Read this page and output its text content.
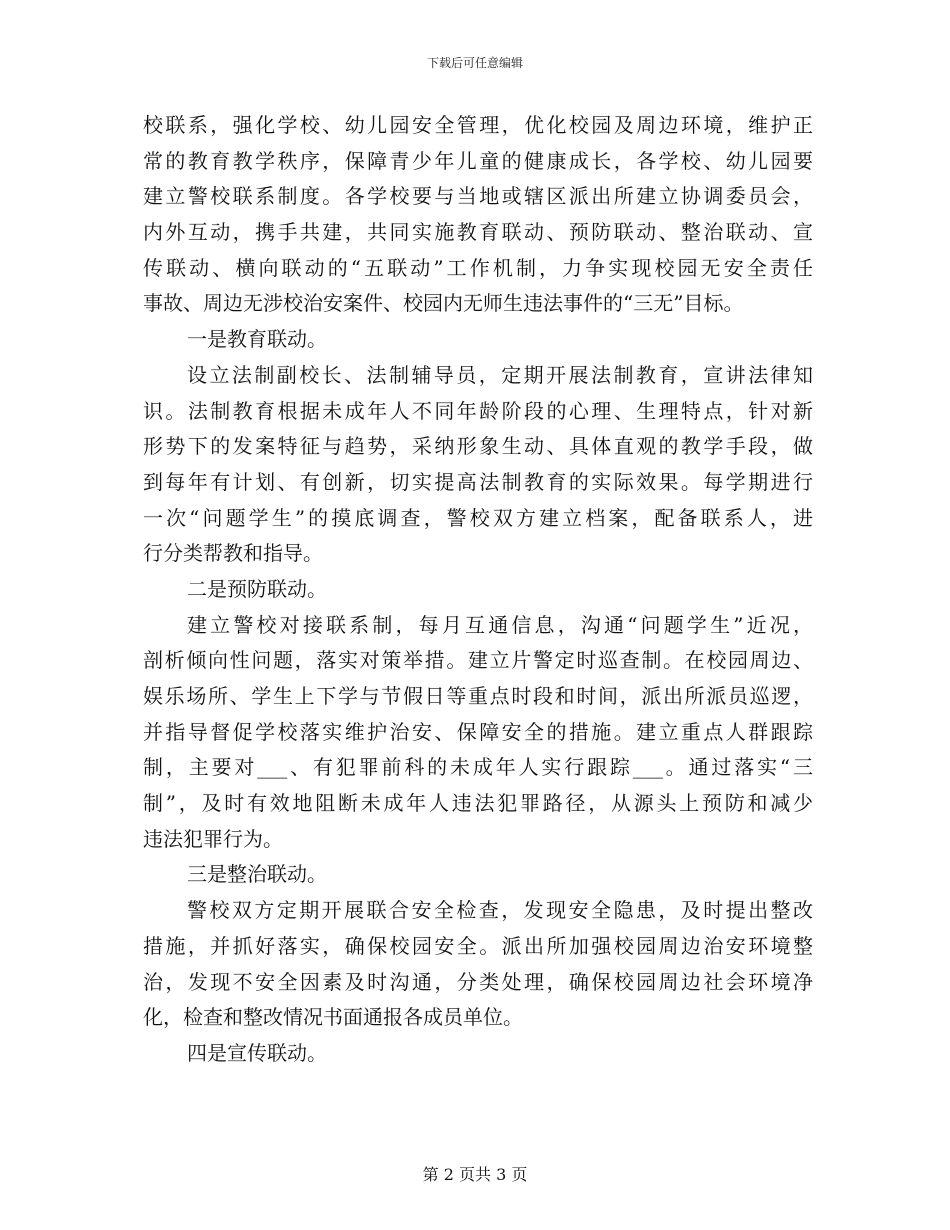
下载后可任意编辑
校联系，强化学校、幼儿园安全管理，优化校园及周边环境，维护正
常的教育教学秩序，保障青少年儿童的健康成长，各学校、幼儿园要
建立警校联系制度。各学校要与当地或辖区派出所建立协调委员会，
内外互动，携手共建，共同实施教育联动、预防联动、整治联动、宣
传联动、横向联动的“五联动”工作机制，力争实现校园无安全责任
事故、周边无涉校治安案件、校园内无师生违法事件的“三无”目标。
一是教育联动。
设立法制副校长、法制辅导员，定期开展法制教育，宣讲法律知
识。法制教育根据未成年人不同年龄阶段的心理、生理特点，针对新
形势下的发案特征与趋势，采纳形象生动、具体直观的教学手段，做
到每年有计划、有创新，切实提高法制教育的实际效果。每学期进行
一次“问题学生”的摸底调查，警校双方建立档案，配备联系人，进
行分类帮教和指导。
二是预防联动。
建立警校对接联系制，每月互通信息，沟通“问题学生”近况，
剖析倾向性问题，落实对策举措。建立片警定时巡查制。在校园周边、
娱乐场所、学生上下学与节假日等重点时段和时间，派出所派员巡逻，
并指导督促学校落实维护治安、保障安全的措施。建立重点人群跟踪
制，主要对___、有犯罪前科的未成年人实行跟踪___。通过落实“三
制”，及时有效地阻断未成年人违法犯罪路径，从源头上预防和减少
违法犯罪行为。
三是整治联动。
警校双方定期开展联合安全检查，发现安全隐患，及时提出整改
措施，并抓好落实，确保校园安全。派出所加强校园周边治安环境整
治，发现不安全因素及时沟通，分类处理，确保校园周边社会环境净
化，检查和整改情况书面通报各成员单位。
四是宣传联动。
第 2 页共 3 页
